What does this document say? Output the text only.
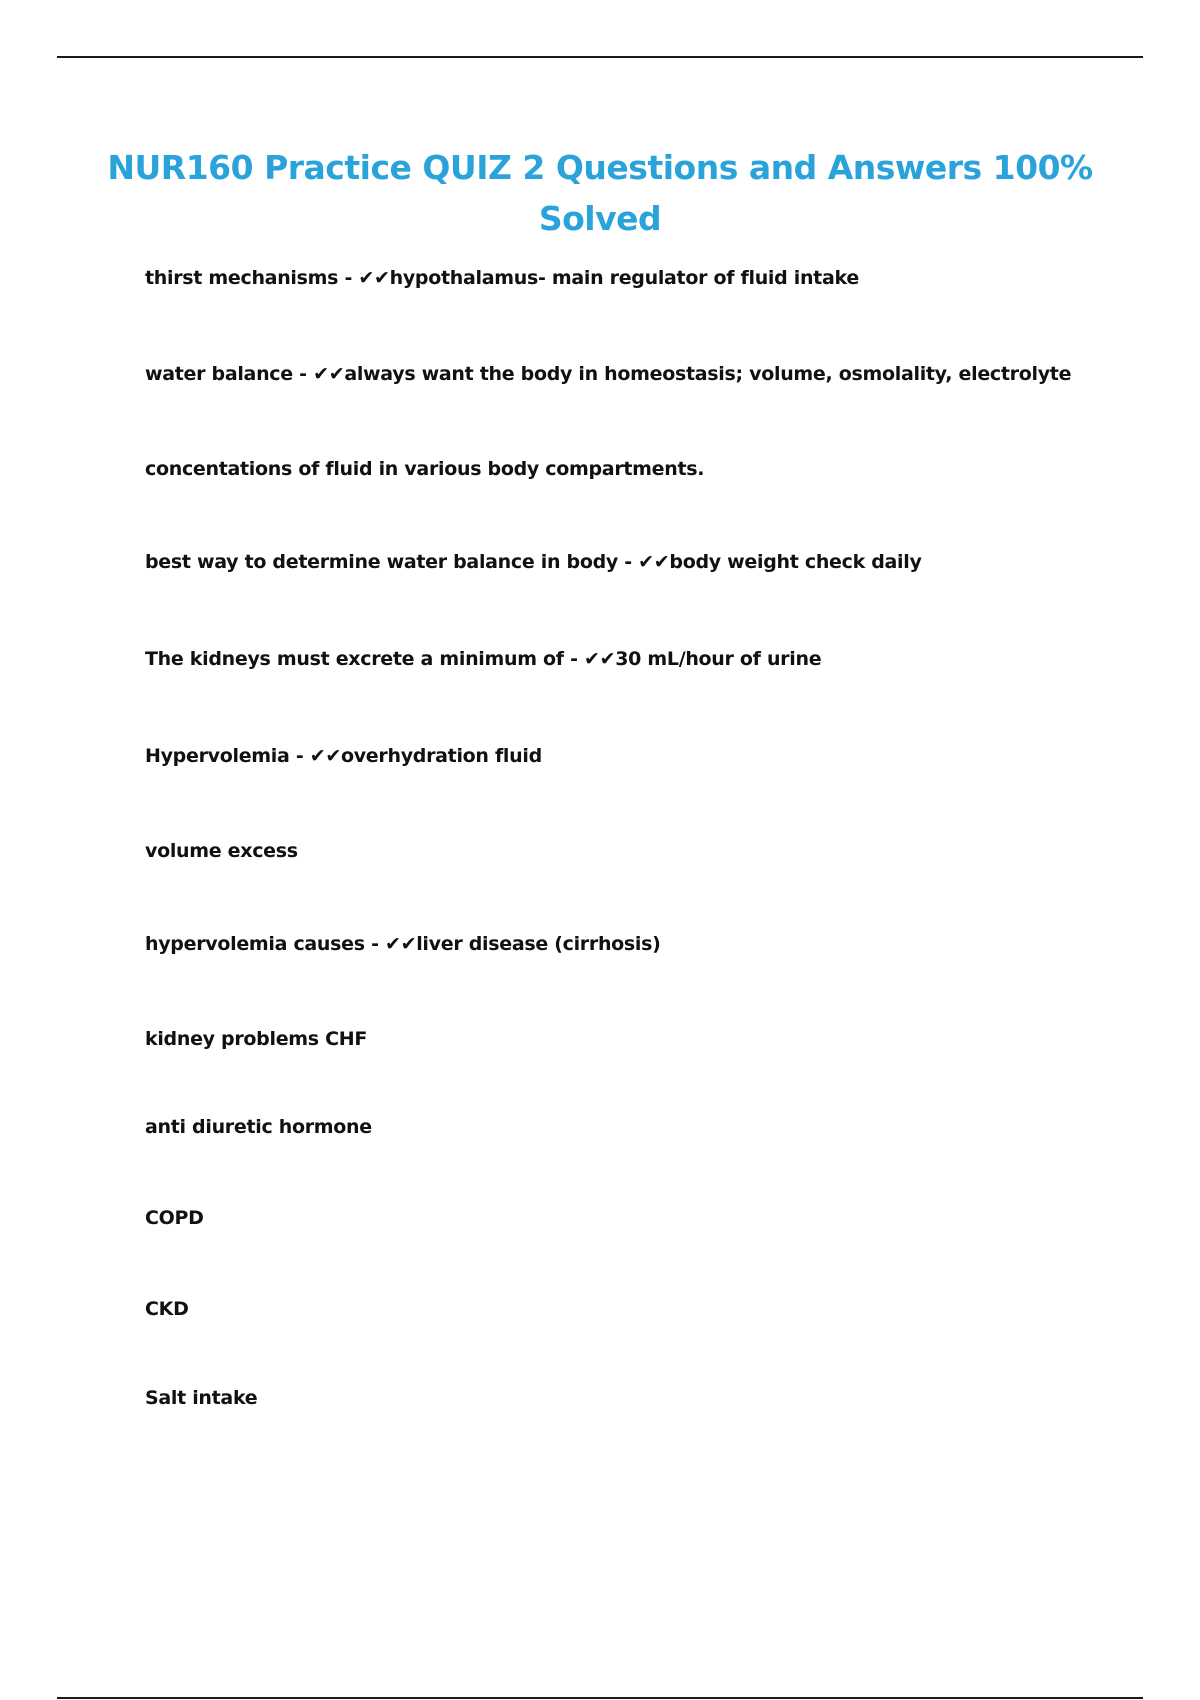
NUR160 Practice QUIZ 2 Questions and Answers 100% Solved

thirst mechanisms - ✔✔hypothalamus- main regulator of fluid intake

water balance - ✔✔always want the body in homeostasis; volume, osmolality, electrolyte

concentations of fluid in various body compartments.

best way to determine water balance in body - ✔✔body weight check daily

The kidneys must excrete a minimum of - ✔✔30 mL/hour of urine

Hypervolemia - ✔✔overhydration fluid

volume excess

hypervolemia causes - ✔✔liver disease (cirrhosis)

kidney problems CHF

anti diuretic hormone

COPD

CKD

Salt intake
